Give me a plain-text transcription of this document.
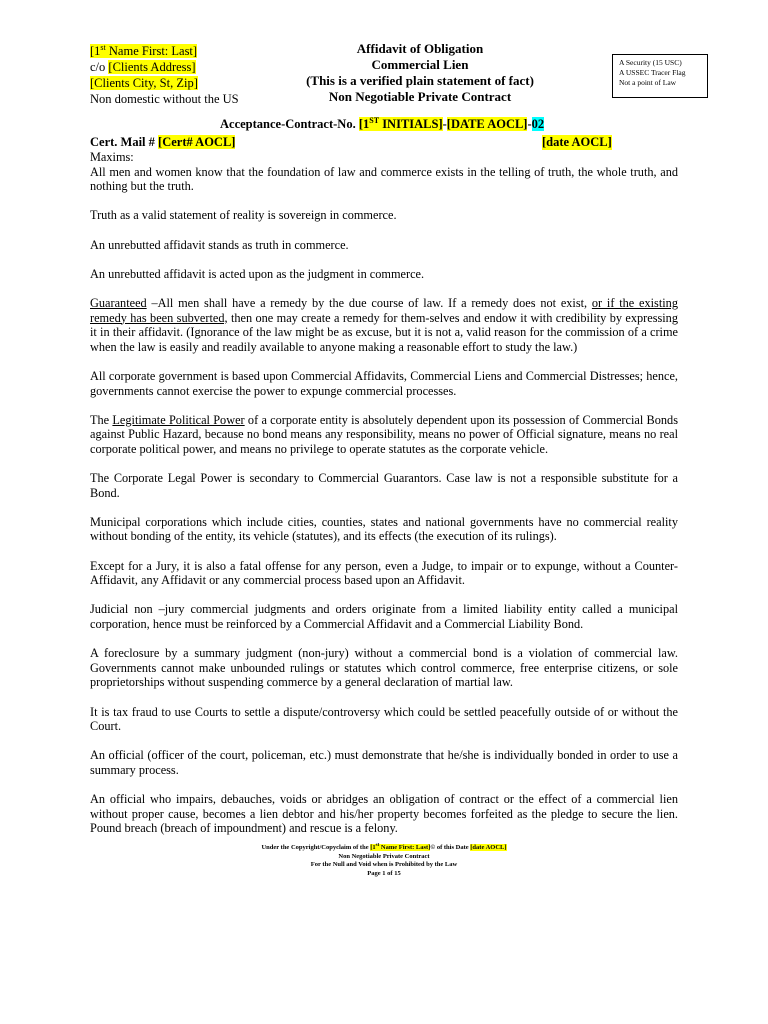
[1st Name First: Last]
c/o [Clients Address]
[Clients City, St, Zip]
Non domestic without the US
Affidavit of Obligation
Commercial Lien
(This is a verified plain statement of fact)
Non Negotiable Private Contract
A Security (15 USC)
A USSEC Tracer Flag
Not a point of Law
Acceptance-Contract-No. [1ST INITIALS]-[DATE AOCL]-02
Cert. Mail # [Cert# AOCL]	[date AOCL]

Maxims:

All men and women know that the foundation of law and commerce exists in the telling of truth, the whole truth, and nothing but the truth.

Truth as a valid statement of reality is sovereign in commerce.

An unrebutted affidavit stands as truth in commerce.

An unrebutted affidavit is acted upon as the judgment in commerce.

Guaranteed –All men shall have a remedy by the due course of law. If a remedy does not exist, or if the existing remedy has been subverted, then one may create a remedy for them-selves and endow it with credibility by expressing it in their affidavit. (Ignorance of the law might be as excuse, but it is not a, valid reason for the commission of a crime when the law is easily and readily available to anyone making a reasonable effort to study the law.)

All corporate government is based upon Commercial Affidavits, Commercial Liens and Commercial Distresses; hence, governments cannot exercise the power to expunge commercial processes.

The Legitimate Political Power of a corporate entity is absolutely dependent upon its possession of Commercial Bonds against Public Hazard, because no bond means any responsibility, means no power of Official signature, means no real corporate political power, and means no privilege to operate statutes as the corporate vehicle.

The Corporate Legal Power is secondary to Commercial Guarantors. Case law is not a responsible substitute for a Bond.

Municipal corporations which include cities, counties, states and national governments have no commercial reality without bonding of the entity, its vehicle (statutes), and its effects (the execution of its rulings).

Except for a Jury, it is also a fatal offense for any person, even a Judge, to impair or to expunge, without a Counter-Affidavit, any Affidavit or any commercial process based upon an Affidavit.

Judicial non –jury commercial judgments and orders originate from a limited liability entity called a municipal corporation, hence must be reinforced by a Commercial Affidavit and a Commercial Liability Bond.

A foreclosure by a summary judgment (non-jury) without a commercial bond is a violation of commercial law. Governments cannot make unbounded rulings or statutes which control commerce, free enterprise citizens, or sole proprietorships without suspending commerce by a general declaration of martial law.

It is tax fraud to use Courts to settle a dispute/controversy which could be settled peacefully outside of or without the Court.

An official (officer of the court, policeman, etc.) must demonstrate that he/she is individually bonded in order to use a summary process.

An official who impairs, debauches, voids or abridges an obligation of contract or the effect of a commercial lien without proper cause, becomes a lien debtor and his/her property becomes forfeited as the pledge to secure the lien. Pound breach (breach of impoundment) and rescue is a felony.

Under the Copyright/Copyclaim of the [1st Name First: Last]© of this Date [date AOCL]
Non Negotiable Private Contract
For the Null and Void when is Prohibited by the Law
Page 1 of 15
